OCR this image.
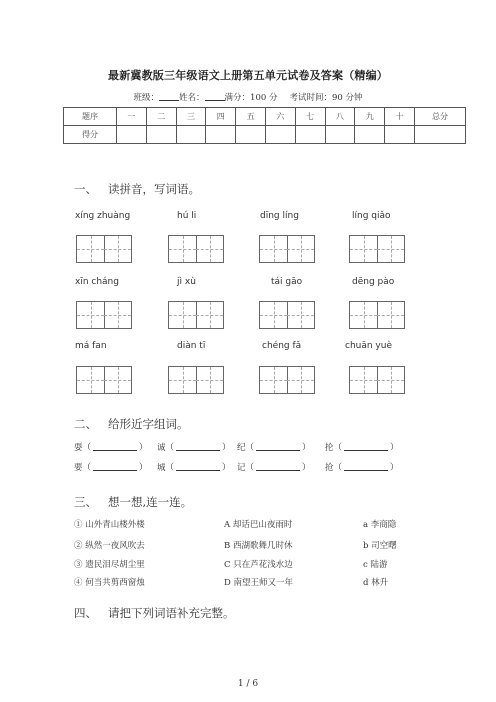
最新冀教版三年级语文上册第五单元试卷及答案（精编）
班级： 姓名： 满分：100 分 考试时间：90 分钟
题序	一	二	三	四	五	六	七	八	九	十	总分
得分											
一、 读拼音，写词语。
xíng zhuàng	hú li	dīng líng	líng qiǎo
xīn cháng	jì xù	tái gāo	dēng pào
má fan	diàn tī	chéng fǎ	chuān yuè
二、 给形近字组词。
耍（	） 诚（	） 纪（	） 抡（	）
要（	） 城（	） 记（	） 抢（	）
三、 想一想,连一连。
① 山外青山楼外楼	A 却话巴山夜雨时	a 李商隐
② 纵然一夜风吹去	B 西湖歌舞几时休	b 司空曙
③ 遗民泪尽胡尘里	C 只在芦花浅水边	c 陆游
④ 何当共剪西窗烛	D 南望王师又一年	d 林升
四、 请把下列词语补充完整。
1 / 6
